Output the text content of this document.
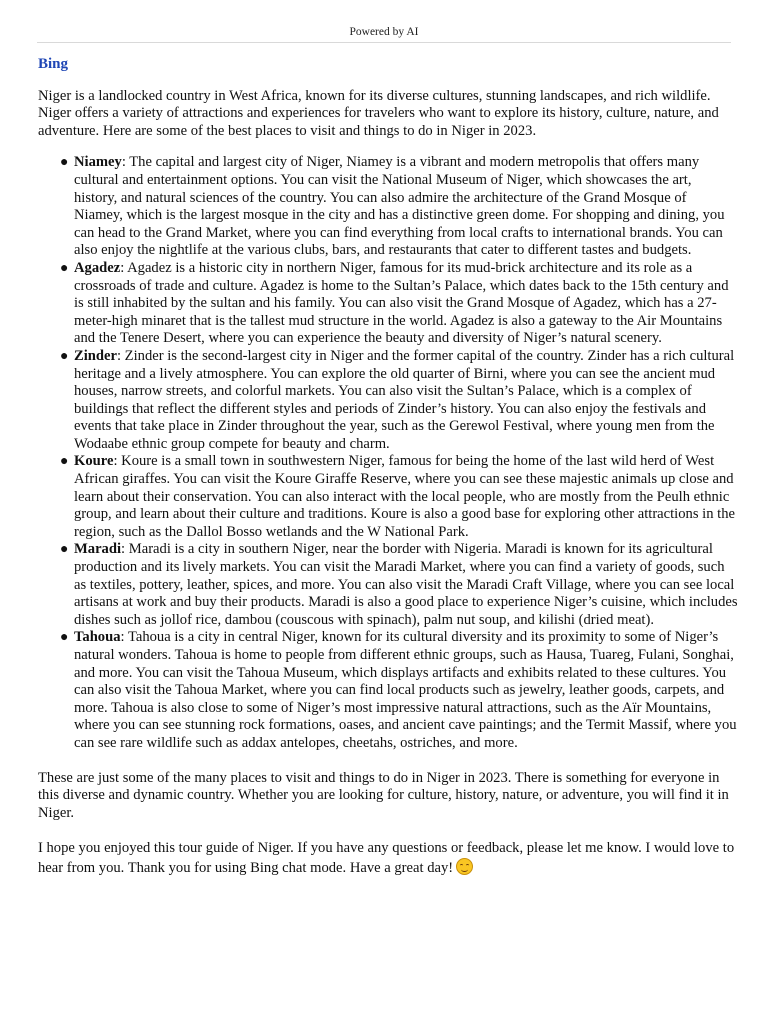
Powered by AI
Bing

Niger is a landlocked country in West Africa, known for its diverse cultures, stunning landscapes, and rich wildlife. Niger offers a variety of attractions and experiences for travelers who want to explore its history, culture, nature, and adventure. Here are some of the best places to visit and things to do in Niger in 2023.

● Niamey: The capital and largest city of Niger, Niamey is a vibrant and modern metropolis that offers many cultural and entertainment options. You can visit the National Museum of Niger, which showcases the art, history, and natural sciences of the country. You can also admire the architecture of the Grand Mosque of Niamey, which is the largest mosque in the city and has a distinctive green dome. For shopping and dining, you can head to the Grand Market, where you can find everything from local crafts to international brands. You can also enjoy the nightlife at the various clubs, bars, and restaurants that cater to different tastes and budgets.
● Agadez: Agadez is a historic city in northern Niger, famous for its mud-brick architecture and its role as a crossroads of trade and culture. Agadez is home to the Sultan’s Palace, which dates back to the 15th century and is still inhabited by the sultan and his family. You can also visit the Grand Mosque of Agadez, which has a 27-meter-high minaret that is the tallest mud structure in the world. Agadez is also a gateway to the Air Mountains and the Tenere Desert, where you can experience the beauty and diversity of Niger’s natural scenery.
● Zinder: Zinder is the second-largest city in Niger and the former capital of the country. Zinder has a rich cultural heritage and a lively atmosphere. You can explore the old quarter of Birni, where you can see the ancient mud houses, narrow streets, and colorful markets. You can also visit the Sultan’s Palace, which is a complex of buildings that reflect the different styles and periods of Zinder’s history. You can also enjoy the festivals and events that take place in Zinder throughout the year, such as the Gerewol Festival, where young men from the Wodaabe ethnic group compete for beauty and charm.
● Koure: Koure is a small town in southwestern Niger, famous for being the home of the last wild herd of West African giraffes. You can visit the Koure Giraffe Reserve, where you can see these majestic animals up close and learn about their conservation. You can also interact with the local people, who are mostly from the Peulh ethnic group, and learn about their culture and traditions. Koure is also a good base for exploring other attractions in the region, such as the Dallol Bosso wetlands and the W National Park.
● Maradi: Maradi is a city in southern Niger, near the border with Nigeria. Maradi is known for its agricultural production and its lively markets. You can visit the Maradi Market, where you can find a variety of goods, such as textiles, pottery, leather, spices, and more. You can also visit the Maradi Craft Village, where you can see local artisans at work and buy their products. Maradi is also a good place to experience Niger’s cuisine, which includes dishes such as jollof rice, dambou (couscous with spinach), palm nut soup, and kilishi (dried meat).
● Tahoua: Tahoua is a city in central Niger, known for its cultural diversity and its proximity to some of Niger’s natural wonders. Tahoua is home to people from different ethnic groups, such as Hausa, Tuareg, Fulani, Songhai, and more. You can visit the Tahoua Museum, which displays artifacts and exhibits related to these cultures. You can also visit the Tahoua Market, where you can find local products such as jewelry, leather goods, carpets, and more. Tahoua is also close to some of Niger’s most impressive natural attractions, such as the Aïr Mountains, where you can see stunning rock formations, oases, and ancient cave paintings; and the Termit Massif, where you can see rare wildlife such as addax antelopes, cheetahs, ostriches, and more.

These are just some of the many places to visit and things to do in Niger in 2023. There is something for everyone in this diverse and dynamic country. Whether you are looking for culture, history, nature, or adventure, you will find it in Niger.

I hope you enjoyed this tour guide of Niger. If you have any questions or feedback, please let me know. I would love to hear from you. Thank you for using Bing chat mode. Have a great day!
